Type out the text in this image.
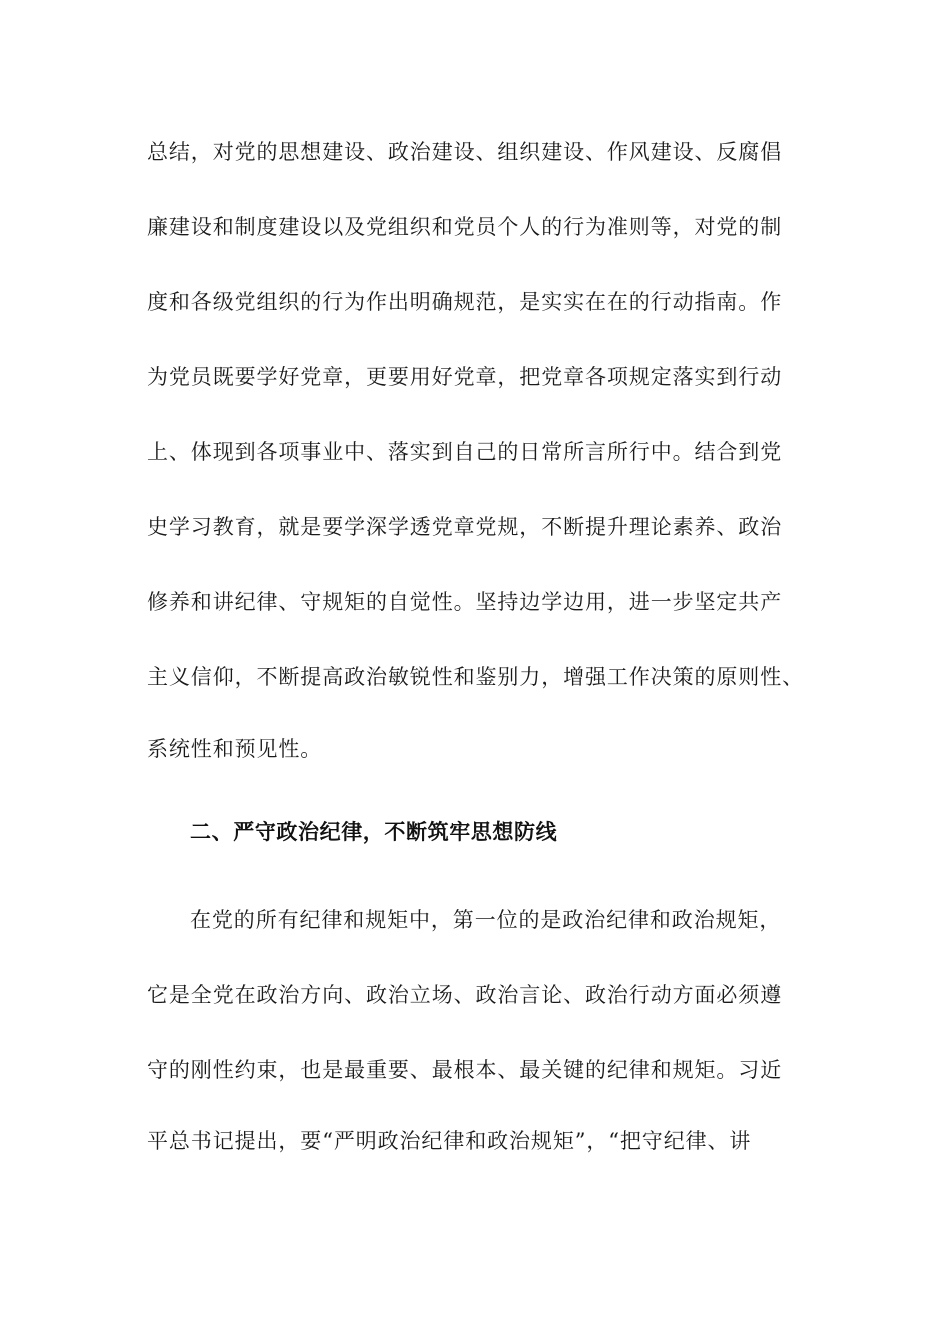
总结，对党的思想建设、政治建设、组织建设、作风建设、反腐倡
廉建设和制度建设以及党组织和党员个人的行为准则等，对党的制
度和各级党组织的行为作出明确规范，是实实在在的行动指南。作
为党员既要学好党章，更要用好党章，把党章各项规定落实到行动
上、体现到各项事业中、落实到自己的日常所言所行中。结合到党
史学习教育，就是要学深学透党章党规，不断提升理论素养、政治
修养和讲纪律、守规矩的自觉性。坚持边学边用，进一步坚定共产
主义信仰，不断提高政治敏锐性和鉴别力，增强工作决策的原则性、
系统性和预见性。
二、严守政治纪律，不断筑牢思想防线
在党的所有纪律和规矩中，第一位的是政治纪律和政治规矩，
它是全党在政治方向、政治立场、政治言论、政治行动方面必须遵
守的刚性约束，也是最重要、最根本、最关键的纪律和规矩。习近
平总书记提出，要“严明政治纪律和政治规矩”，“把守纪律、讲
